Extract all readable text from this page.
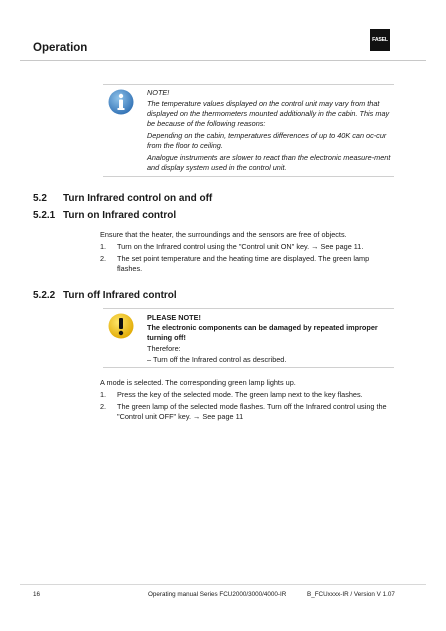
Operation
FASEL
NOTE!
The temperature values displayed on the control unit may vary from that displayed on the thermometers mounted additionally in the cabin. This may be because of the following reasons:
Depending on the cabin, temperatures differences of up to 40K can oc-cur from the floor to ceiling.
Analogue instruments are slower to react than the electronic measure-ment and display system used in the control unit.
5.2 Turn Infrared control on and off
5.2.1 Turn on Infrared control
Ensure that the heater, the surroundings and the sensors are free of objects.
1. Turn on the Infrared control using the "Control unit ON" key. → See page 11.
2. The set point temperature and the heating time are displayed. The green lamp flashes.
5.2.2 Turn off Infrared control
PLEASE NOTE!
The electronic components can be damaged by repeated improper turning off!
Therefore:
– Turn off the Infrared control as described.
A mode is selected. The corresponding green lamp lights up.
1. Press the key of the selected mode. The green lamp next to the key flashes.
2. The green lamp of the selected mode flashes. Turn off the Infrared control using the "Control unit OFF" key. → See page 11
16	Operating manual Series FCU2000/3000/4000-IR	B_FCUxxxx-IR / Version V 1.07
